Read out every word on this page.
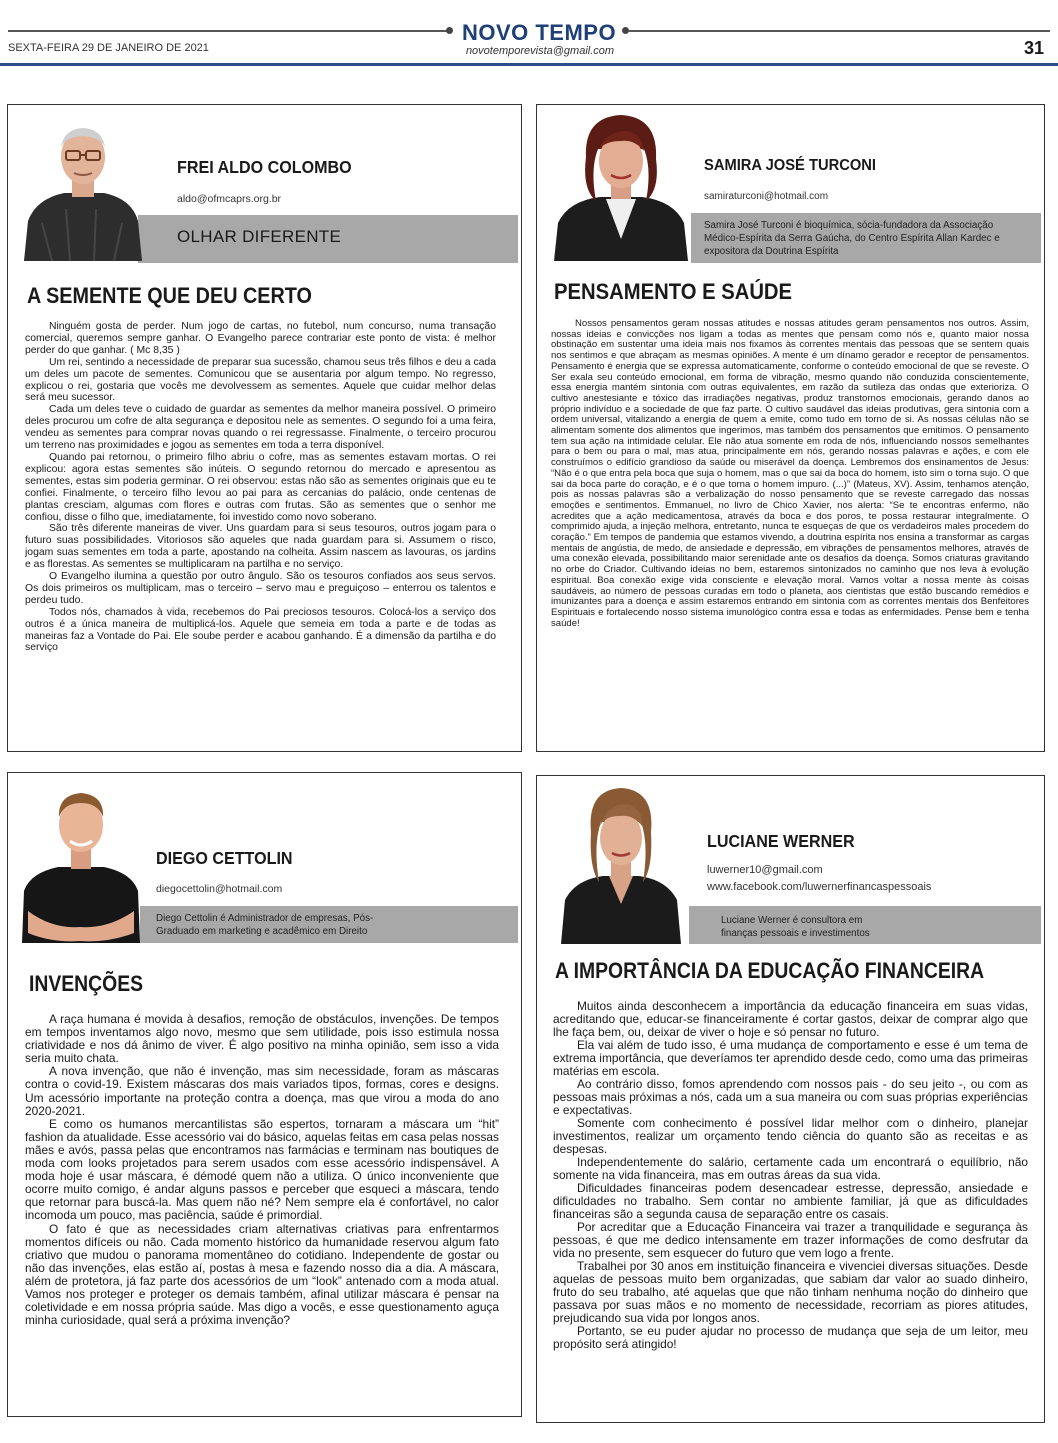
NOVO TEMPO
SEXTA-FEIRA 29 DE JANEIRO DE 2021	novotemporevista@gmail.com	31
FREI ALDO COLOMBO
aldo@ofmcaprs.org.br
OLHAR DIFERENTE
A SEMENTE QUE DEU CERTO

Ninguém gosta de perder. Num jogo de cartas, no futebol, num concurso, numa transação comercial, queremos sempre ganhar. O Evangelho parece contrariar este ponto de vista: é melhor perder do que ganhar. ( Mc 8,35 )

Um rei, sentindo a necessidade de preparar sua sucessão, chamou seus três filhos e deu a cada um deles um pacote de sementes. Comunicou que se ausentaria por algum tempo. No regresso, explicou o rei, gostaria que vocês me devolvessem as sementes. Aquele que cuidar melhor delas será meu sucessor.

Cada um deles teve o cuidado de guardar as sementes da melhor maneira possível. O primeiro deles procurou um cofre de alta segurança e depositou nele as sementes. O segundo foi a uma feira, vendeu as sementes para comprar novas quando o rei regressasse. Finalmente, o terceiro procurou um terreno nas proximidades e jogou as sementes em toda a terra disponível.

Quando pai retornou, o primeiro filho abriu o cofre, mas as sementes estavam mortas. O rei explicou: agora estas sementes são inúteis. O segundo retornou do mercado e apresentou as sementes, estas sim poderia germinar. O rei observou: estas não são as sementes originais que eu te confiei. Finalmente, o terceiro filho levou ao pai para as cercanias do palácio, onde centenas de plantas cresciam, algumas com flores e outras com frutas. São as sementes que o senhor me confiou, disse o filho que, imediatamente, foi investido como novo soberano.

São três diferente maneiras de viver. Uns guardam para si seus tesouros, outros jogam para o futuro suas possibilidades. Vitoriosos são aqueles que nada guardam para si. Assumem o risco, jogam suas sementes em toda a parte, apostando na colheita. Assim nascem as lavouras, os jardins e as florestas. As sementes se multiplicaram na partilha e no serviço.

O Evangelho ilumina a questão por outro ângulo. São os tesouros confiados aos seus servos. Os dois primeiros os multiplicam, mas o terceiro – servo mau e preguiçoso – enterrou os talentos e perdeu tudo.

Todos nós, chamados à vida, recebemos do Pai preciosos tesouros. Colocá-los a serviço dos outros é a única maneira de multiplicá-los. Aquele que semeia em toda a parte e de todas as maneiras faz a Vontade do Pai. Ele soube perder e acabou ganhando. É a dimensão da partilha e do serviço

SAMIRA JOSÉ TURCONI
samiraturconi@hotmail.com
Samira José Turconi é bioquímica, sócia-fundadora da Associação Médico-Espírita da Serra Gaúcha, do Centro Espírita Allan Kardec e expositora da Doutrina Espírita
PENSAMENTO E SAÚDE

Nossos pensamentos geram nossas atitudes e nossas atitudes geram pensamentos nos outros. Assim, nossas ideias e convicções nos ligam a todas as mentes que pensam como nós e, quanto maior nossa obstinação em sustentar uma ideia mais nos fixamos às correntes mentais das pessoas que se sentem quais nos sentimos e que abraçam as mesmas opiniões. A mente é um dínamo gerador e receptor de pensamentos. Pensamento é energia que se expressa automaticamente, conforme o conteúdo emocional de que se reveste. O Ser exala seu conteúdo emocional, em forma de vibração, mesmo quando não conduzida conscientemente, essa energia mantém sintonia com outras equivalentes, em razão da sutileza das ondas que exterioriza. O cultivo anestesiante e tóxico das irradiações negativas, produz transtornos emocionais, gerando danos ao próprio indivíduo e a sociedade de que faz parte. O cultivo saudável das ideias produtivas, gera sintonia com a ordem universal, vitalizando a energia de quem a emite, como tudo em torno de si. As nossas células não se alimentam somente dos alimentos que ingerimos, mas também dos pensamentos que emitimos. O pensamento tem sua ação na intimidade celular. Ele não atua somente em roda de nós, influenciando nossos semelhantes para o bem ou para o mal, mas atua, principalmente em nós, gerando nossas palavras e ações, e com ele construímos o edifício grandioso da saúde ou miserável da doença. Lembremos dos ensinamentos de Jesus: “Não é o que entra pela boca que suja o homem, mas o que sai da boca do homem, isto sim o torna sujo. O que sai da boca parte do coração, e é o que torna o homem impuro. (...)” (Mateus, XV). Assim, tenhamos atenção, pois as nossas palavras são a verbalização do nosso pensamento que se reveste carregado das nossas emoções e sentimentos. Emmanuel, no livro de Chico Xavier, nos alerta: “Se te encontras enfermo, não acredites que a ação medicamentosa, através da boca e dos poros, te possa restaurar integralmente. O comprimido ajuda, a injeção melhora, entretanto, nunca te esqueças de que os verdadeiros males procedem do coração.” Em tempos de pandemia que estamos vivendo, a doutrina espírita nos ensina a transformar as cargas mentais de angústia, de medo, de ansiedade e depressão, em vibrações de pensamentos melhores, através de uma conexão elevada, possibilitando maior serenidade ante os desafios da doença. Somos criaturas gravitando no orbe do Criador. Cultivando ideias no bem, estaremos sintonizados no caminho que nos leva à evolução espiritual. Boa conexão exige vida consciente e elevação moral. Vamos voltar a nossa mente às coisas saudáveis, ao número de pessoas curadas em todo o planeta, aos cientistas que estão buscando remédios e imunizantes para a doença e assim estaremos entrando em sintonia com as correntes mentais dos Benfeitores Espirituais e fortalecendo nosso sistema imunológico contra essa e todas as enfermidades. Pense bem e tenha saúde!

DIEGO CETTOLIN
diegocettolin@hotmail.com
Diego Cettolin é Administrador de empresas, Pós-Graduado em marketing e acadêmico em Direito
INVENÇÕES

A raça humana é movida à desafios, remoção de obstáculos, invenções. De tempos em tempos inventamos algo novo, mesmo que sem utilidade, pois isso estimula nossa criatividade e nos dá ânimo de viver. É algo positivo na minha opinião, sem isso a vida seria muito chata.

A nova invenção, que não é invenção, mas sim necessidade, foram as máscaras contra o covid-19. Existem máscaras dos mais variados tipos, formas, cores e designs. Um acessório importante na proteção contra a doença, mas que virou a moda do ano 2020-2021.

E como os humanos mercantilistas são espertos, tornaram a máscara um “hit” fashion da atualidade. Esse acessório vai do básico, aquelas feitas em casa pelas nossas mães e avós, passa pelas que encontramos nas farmácias e terminam nas boutiques de moda com looks projetados para serem usados com esse acessório indispensável. A moda hoje é usar máscara, é démodé quem não a utiliza. O único inconveniente que ocorre muito comigo, é andar alguns passos e perceber que esqueci a máscara, tendo que retornar para buscá-la. Mas quem não né? Nem sempre ela é confortável, no calor incomoda um pouco, mas paciência, saúde é primordial.

O fato é que as necessidades criam alternativas criativas para enfrentarmos momentos difíceis ou não. Cada momento histórico da humanidade reservou algum fato criativo que mudou o panorama momentâneo do cotidiano. Independente de gostar ou não das invenções, elas estão aí, postas à mesa e fazendo nosso dia a dia. A máscara, além de protetora, já faz parte dos acessórios de um “look” antenado com a moda atual. Vamos nos proteger e proteger os demais também, afinal utilizar máscara é pensar na coletividade e em nossa própria saúde. Mas digo a vocês, e esse questionamento aguça minha curiosidade, qual será a próxima invenção?

LUCIANE WERNER
luwerner10@gmail.com
www.facebook.com/luwernerfinancaspessoais
Luciane Werner é consultora em finanças pessoais e investimentos
A IMPORTÂNCIA DA EDUCAÇÃO FINANCEIRA

Muitos ainda desconhecem a importância da educação financeira em suas vidas, acreditando que, educar-se financeiramente é cortar gastos, deixar de comprar algo que lhe faça bem, ou, deixar de viver o hoje e só pensar no futuro.

Ela vai além de tudo isso, é uma mudança de comportamento e esse é um tema de extrema importância, que deveríamos ter aprendido desde cedo, como uma das primeiras matérias em escola.

Ao contrário disso, fomos aprendendo com nossos pais - do seu jeito -, ou com as pessoas mais próximas a nós, cada um a sua maneira ou com suas próprias experiências e expectativas.

Somente com conhecimento é possível lidar melhor com o dinheiro, planejar investimentos, realizar um orçamento tendo ciência do quanto são as receitas e as despesas.

Independentemente do salário, certamente cada um encontrará o equilíbrio, não somente na vida financeira, mas em outras áreas da sua vida.

Dificuldades financeiras podem desencadear estresse, depressão, ansiedade e dificuldades no trabalho. Sem contar no ambiente familiar, já que as dificuldades financeiras são a segunda causa de separação entre os casais.

Por acreditar que a Educação Financeira vai trazer a tranquilidade e segurança às pessoas, é que me dedico intensamente em trazer informações de como desfrutar da vida no presente, sem esquecer do futuro que vem logo a frente.

Trabalhei por 30 anos em instituição financeira e vivenciei diversas situações. Desde aquelas de pessoas muito bem organizadas, que sabiam dar valor ao suado dinheiro, fruto do seu trabalho, até aquelas que que não tinham nenhuma noção do dinheiro que passava por suas mãos e no momento de necessidade, recorriam as piores atitudes, prejudicando sua vida por longos anos.

Portanto, se eu puder ajudar no processo de mudança que seja de um leitor, meu propósito será atingido!
